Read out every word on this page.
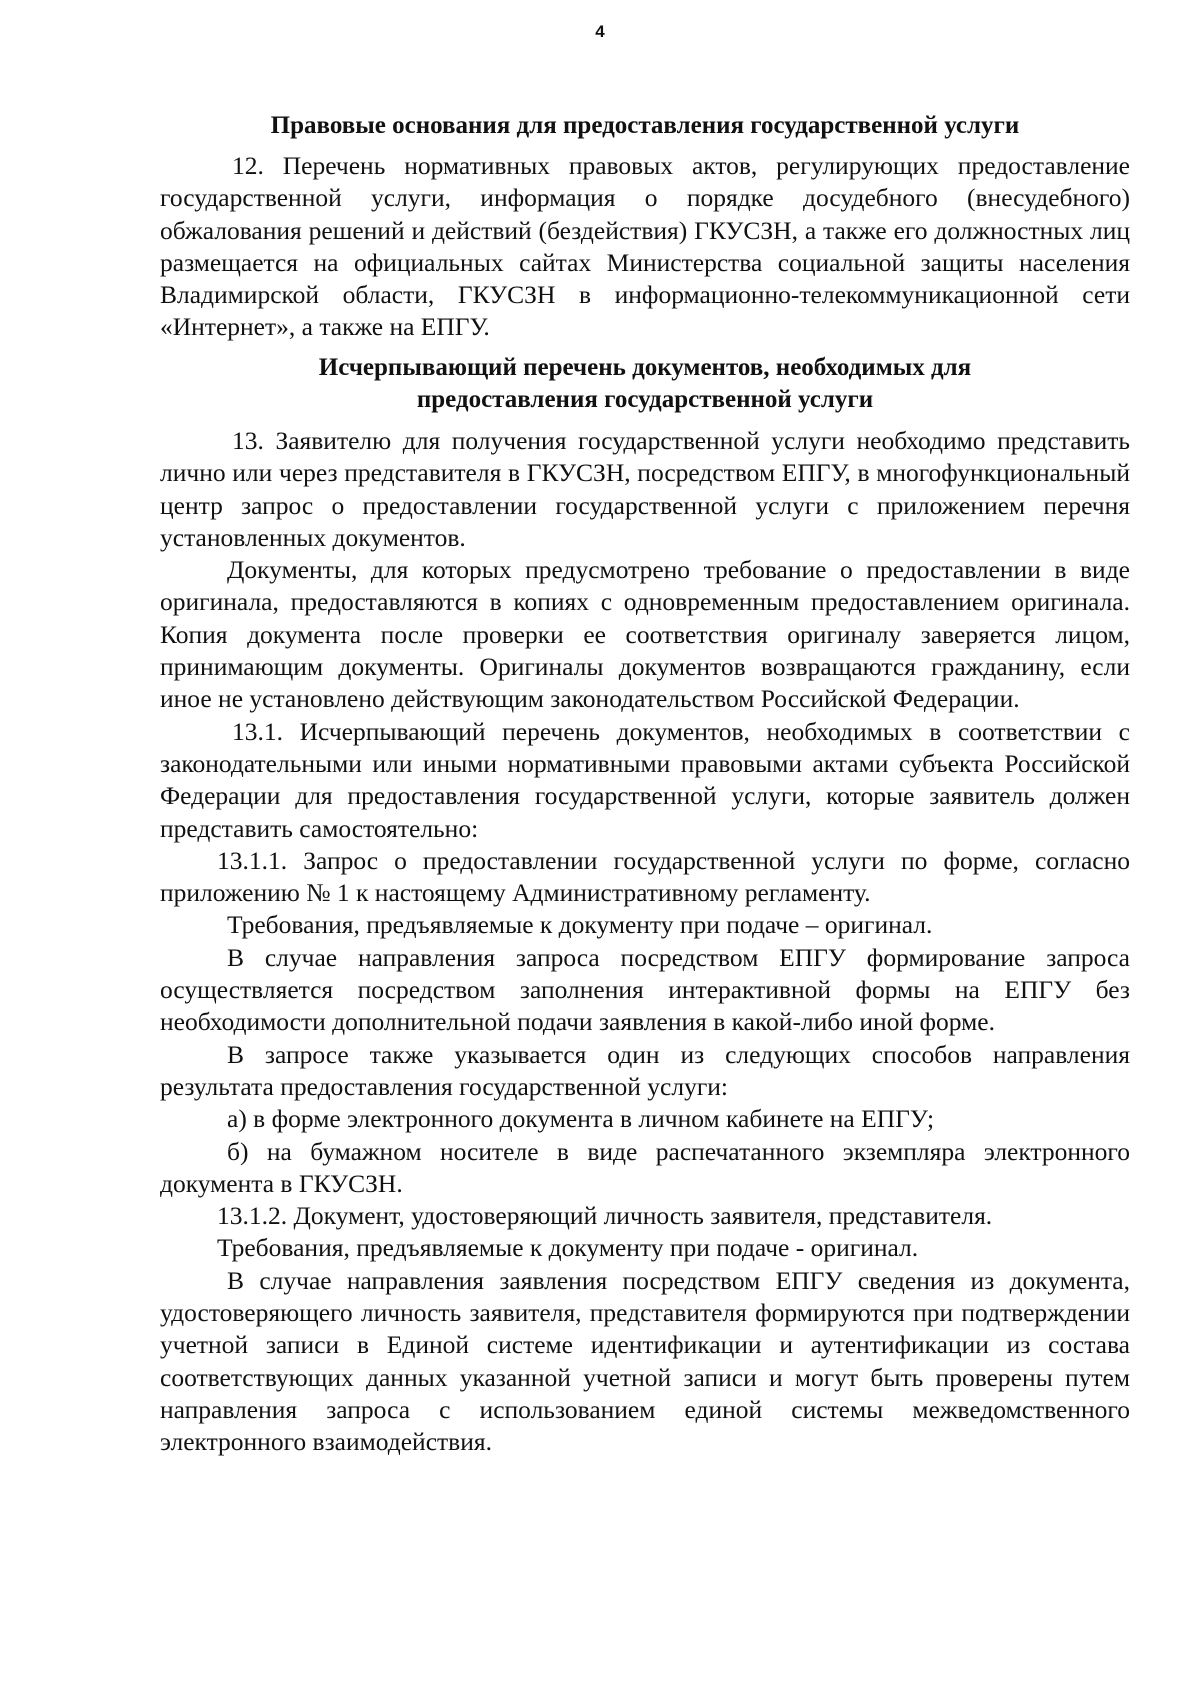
4
Правовые основания для предоставления государственной услуги

12. Перечень нормативных правовых актов, регулирующих предоставление государственной услуги, информация о порядке досудебного (внесудебного) обжалования решений и действий (бездействия) ГКУСЗН, а также его должностных лиц размещается на официальных сайтах Министерства социальной защиты населения Владимирской области, ГКУСЗН в информационно-телекоммуникационной сети «Интернет», а также на ЕПГУ.

Исчерпывающий перечень документов, необходимых для
предоставления государственной услуги

13. Заявителю для получения государственной услуги необходимо представить лично или через представителя в ГКУСЗН, посредством ЕПГУ, в многофункциональный центр запрос о предоставлении государственной услуги с приложением перечня установленных документов.

Документы, для которых предусмотрено требование о предоставлении в виде оригинала, предоставляются в копиях с одновременным предоставлением оригинала. Копия документа после проверки ее соответствия оригиналу заверяется лицом, принимающим документы. Оригиналы документов возвращаются гражданину, если иное не установлено действующим законодательством Российской Федерации.

13.1. Исчерпывающий перечень документов, необходимых в соответствии с законодательными или иными нормативными правовыми актами субъекта Российской Федерации для предоставления государственной услуги, которые заявитель должен представить самостоятельно:

13.1.1. Запрос о предоставлении государственной услуги по форме, согласно приложению № 1 к настоящему Административному регламенту.

Требования, предъявляемые к документу при подаче – оригинал.

В случае направления запроса посредством ЕПГУ формирование запроса осуществляется посредством заполнения интерактивной формы на ЕПГУ без необходимости дополнительной подачи заявления в какой-либо иной форме.

В запросе также указывается один из следующих способов направления результата предоставления государственной услуги:

а) в форме электронного документа в личном кабинете на ЕПГУ;

б) на бумажном носителе в виде распечатанного экземпляра электронного документа в ГКУСЗН.

13.1.2. Документ, удостоверяющий личность заявителя, представителя.

Требования, предъявляемые к документу при подаче - оригинал.

В случае направления заявления посредством ЕПГУ сведения из документа, удостоверяющего личность заявителя, представителя формируются при подтверждении учетной записи в Единой системе идентификации и аутентификации из состава соответствующих данных указанной учетной записи и могут быть проверены путем направления запроса с использованием единой системы межведомственного электронного взаимодействия.
